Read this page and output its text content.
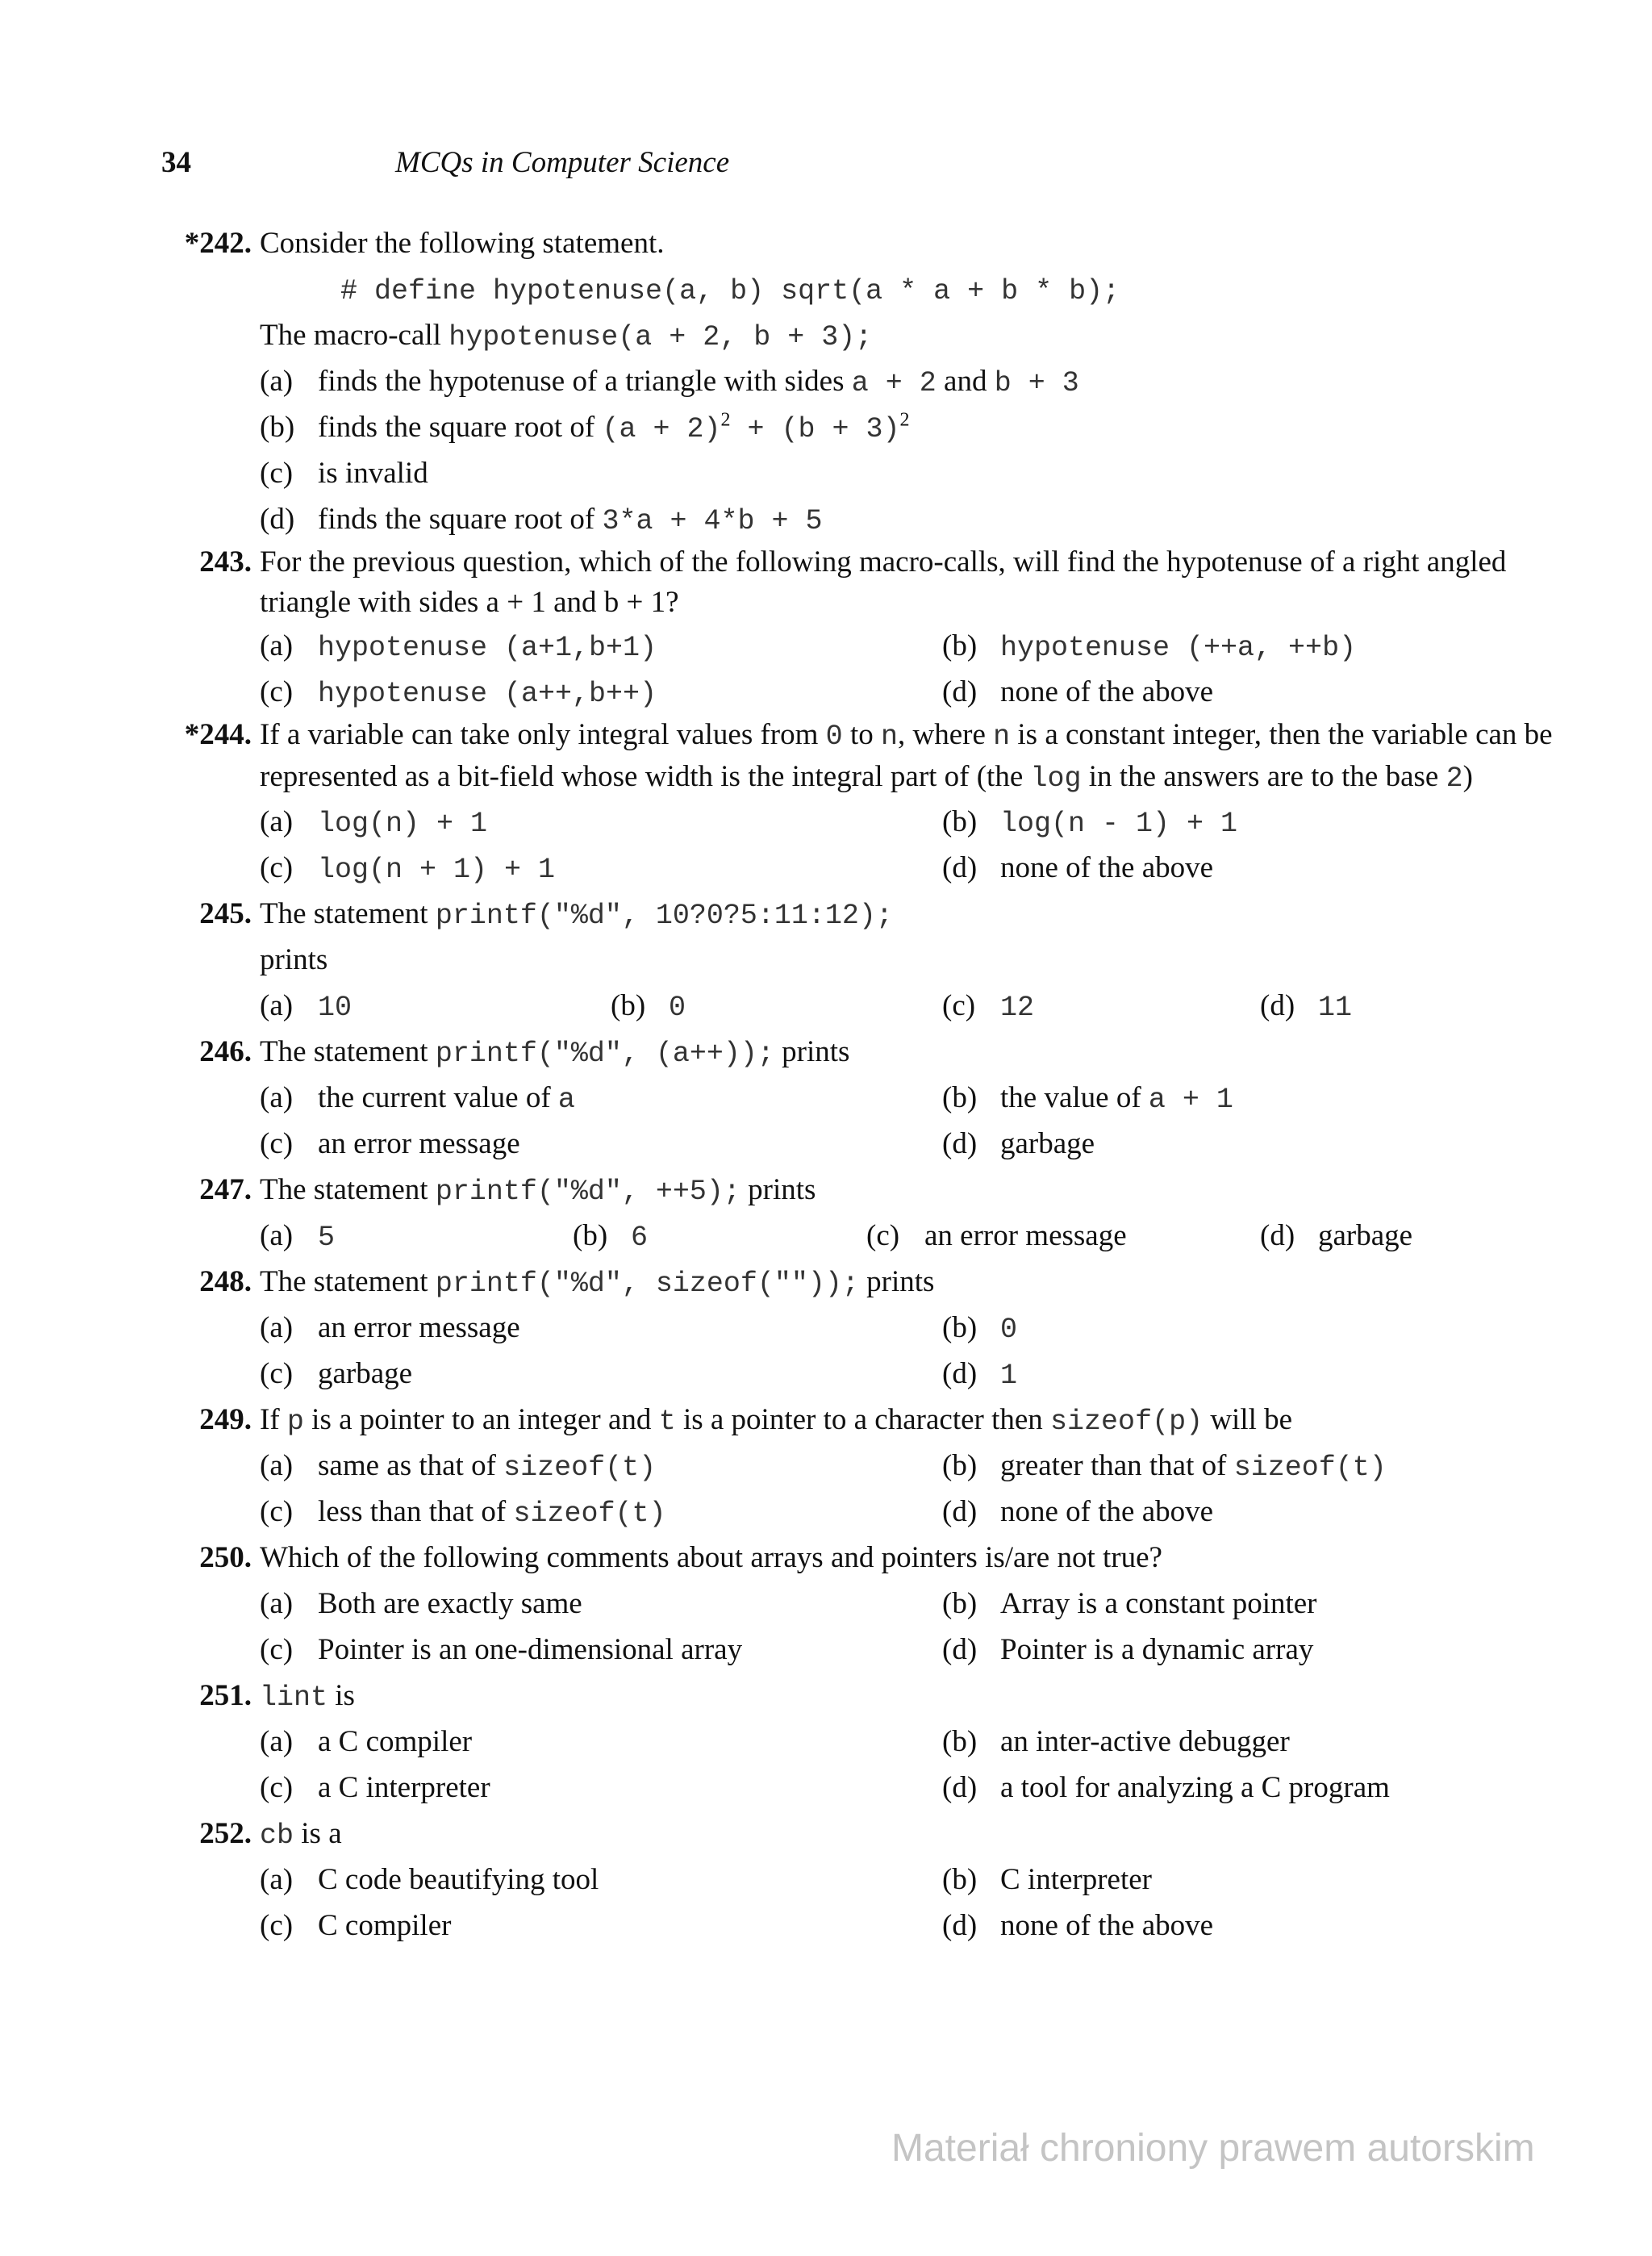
34	MCQs in Computer Science
*242. Consider the following statement.
# define hypotenuse(a, b) sqrt(a * a + b * b);
The macro-call hypotenuse(a + 2, b + 3);
(a) finds the hypotenuse of a triangle with sides a + 2 and b + 3
(b) finds the square root of $(a + 2)^2 + (b + 3)^2$
(c) is invalid
(d) finds the square root of 3*a + 4*b + 5
243. For the previous question, which of the following macro-calls, will find the hypotenuse of a right angled triangle with sides a + 1 and b + 1?
(a) hypotenuse (a+1,b+1)	(b) hypotenuse (++a, ++b)
(c) hypotenuse (a++,b++)	(d) none of the above
*244. If a variable can take only integral values from 0 to n, where n is a constant integer, then the variable can be represented as a bit-field whose width is the integral part of (the log in the answers are to the base 2)
(a) log(n) + 1	(b) log(n - 1) + 1
(c) log(n + 1) + 1	(d) none of the above
245. The statement printf("%d", 10?0?5:11:12);
prints
(a) 10	(b) 0	(c) 12	(d) 11
246. The statement printf("%d", (a++)); prints
(a) the current value of a	(b) the value of a + 1
(c) an error message	(d) garbage
247. The statement printf("%d", ++5); prints
(a) 5	(b) 6	(c) an error message	(d) garbage
248. The statement printf("%d", sizeof("")); prints
(a) an error message	(b) 0
(c) garbage	(d) 1
249. If p is a pointer to an integer and t is a pointer to a character then sizeof(p) will be
(a) same as that of sizeof(t)	(b) greater than that of sizeof(t)
(c) less than that of sizeof(t)	(d) none of the above
250. Which of the following comments about arrays and pointers is/are not true?
(a) Both are exactly same	(b) Array is a constant pointer
(c) Pointer is an one-dimensional array	(d) Pointer is a dynamic array
251. lint is
(a) a C compiler	(b) an inter-active debugger
(c) a C interpreter	(d) a tool for analyzing a C program
252. cb is a
(a) C code beautifying tool	(b) C interpreter
(c) C compiler	(d) none of the above
Materiał chroniony prawem autorskim
